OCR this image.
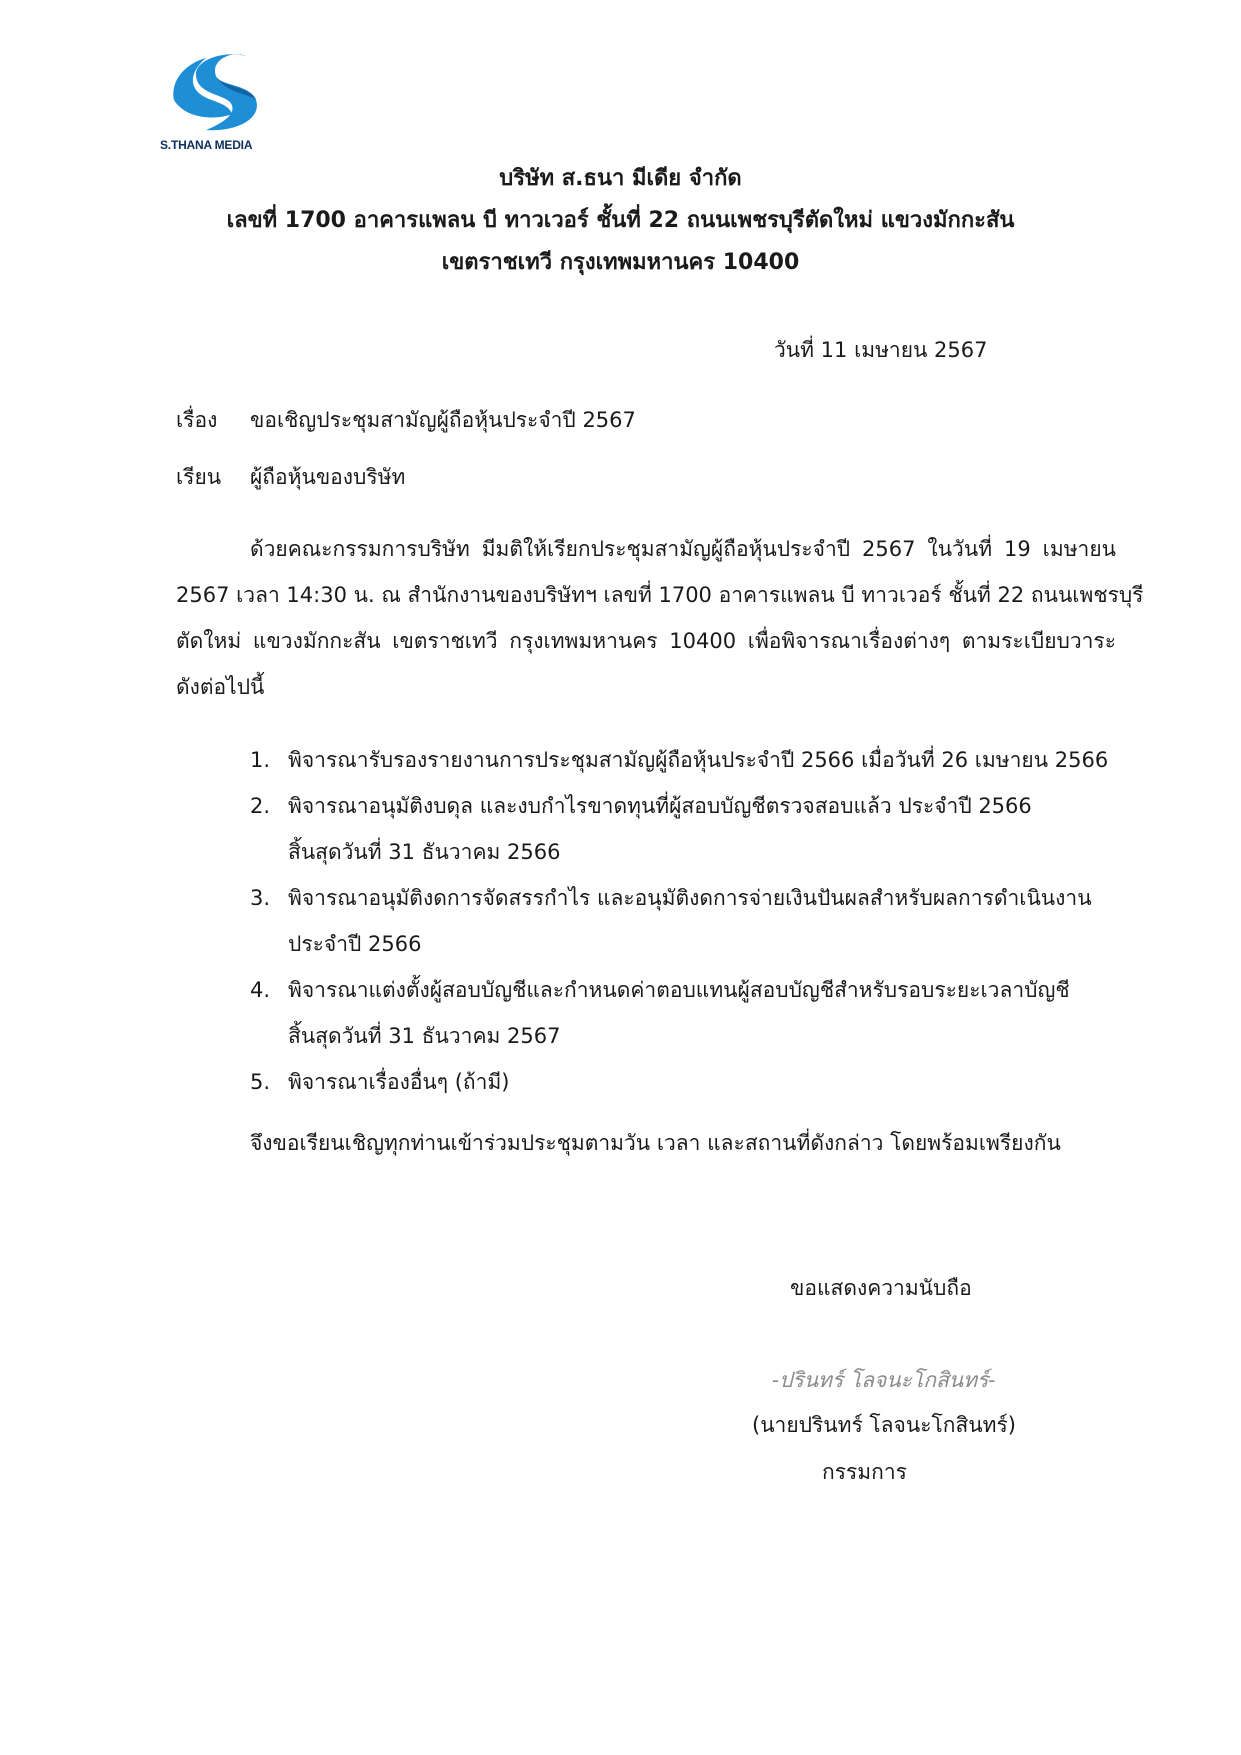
S.THANA MEDIA
บริษัท ส.ธนา มีเดีย จำกัด
เลขที่ 1700 อาคารแพลน บี ทาวเวอร์ ชั้นที่ 22 ถนนเพชรบุรีตัดใหม่ แขวงมักกะสัน
เขตราชเทวี กรุงเทพมหานคร 10400
วันที่ 11 เมษายน 2567
เรื่อง ขอเชิญประชุมสามัญผู้ถือหุ้นประจำปี 2567
เรียน ผู้ถือหุ้นของบริษัท
ด้วยคณะกรรมการบริษัท มีมติให้เรียกประชุมสามัญผู้ถือหุ้นประจำปี 2567 ในวันที่ 19 เมษายน
2567 เวลา 14:30 น. ณ สำนักงานของบริษัทฯ เลขที่ 1700 อาคารแพลน บี ทาวเวอร์ ชั้นที่ 22 ถนนเพชรบุรี
ตัดใหม่ แขวงมักกะสัน เขตราชเทวี กรุงเทพมหานคร 10400 เพื่อพิจารณาเรื่องต่างๆ ตามระเบียบวาระ
ดังต่อไปนี้
1. พิจารณารับรองรายงานการประชุมสามัญผู้ถือหุ้นประจำปี 2566 เมื่อวันที่ 26 เมษายน 2566
2. พิจารณาอนุมัติงบดุล และงบกำไรขาดทุนที่ผู้สอบบัญชีตรวจสอบแล้ว ประจำปี 2566
สิ้นสุดวันที่ 31 ธันวาคม 2566
3. พิจารณาอนุมัติงดการจัดสรรกำไร และอนุมัติงดการจ่ายเงินปันผลสำหรับผลการดำเนินงาน
ประจำปี 2566
4. พิจารณาแต่งตั้งผู้สอบบัญชีและกำหนดค่าตอบแทนผู้สอบบัญชีสำหรับรอบระยะเวลาบัญชี
สิ้นสุดวันที่ 31 ธันวาคม 2567
5. พิจารณาเรื่องอื่นๆ (ถ้ามี)
จึงขอเรียนเชิญทุกท่านเข้าร่วมประชุมตามวัน เวลา และสถานที่ดังกล่าว โดยพร้อมเพรียงกัน
ขอแสดงความนับถือ
-ปรินทร์ โลจนะโกสินทร์-
(นายปรินทร์ โลจนะโกสินทร์)
กรรมการ
